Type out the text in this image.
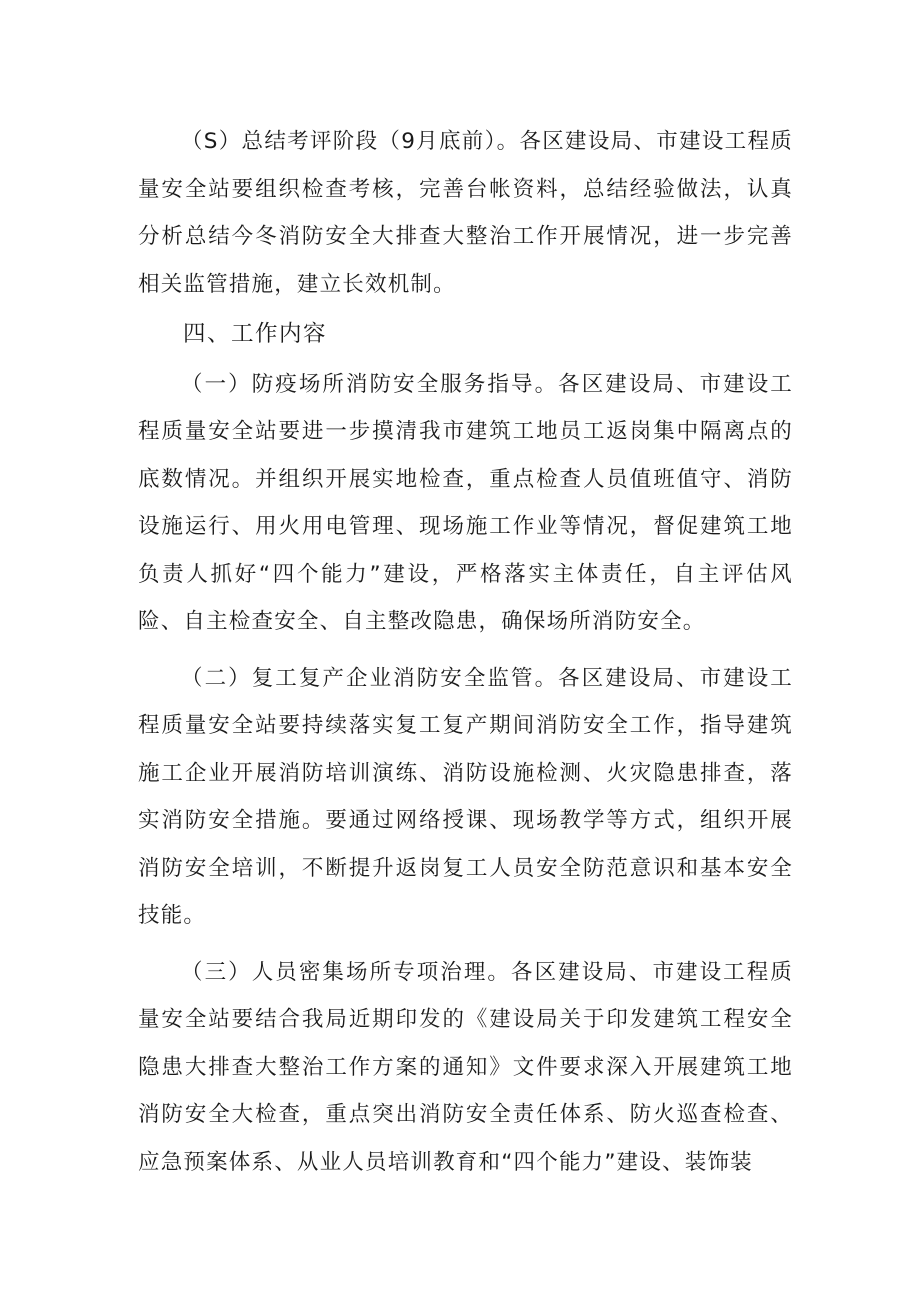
（S）总结考评阶段（9月底前）。各区建设局、市建设工程质量安全站要组织检查考核，完善台帐资料，总结经验做法，认真分析总结今冬消防安全大排查大整治工作开展情况，进一步完善相关监管措施，建立长效机制。

四、工作内容

（一）防疫场所消防安全服务指导。各区建设局、市建设工程质量安全站要进一步摸清我市建筑工地员工返岗集中隔离点的底数情况。并组织开展实地检查，重点检查人员值班值守、消防设施运行、用火用电管理、现场施工作业等情况，督促建筑工地负责人抓好“四个能力”建设，严格落实主体责任，自主评估风险、自主检查安全、自主整改隐患，确保场所消防安全。

（二）复工复产企业消防安全监管。各区建设局、市建设工程质量安全站要持续落实复工复产期间消防安全工作，指导建筑施工企业开展消防培训演练、消防设施检测、火灾隐患排查，落实消防安全措施。要通过网络授课、现场教学等方式，组织开展消防安全培训，不断提升返岗复工人员安全防范意识和基本安全技能。

（三）人员密集场所专项治理。各区建设局、市建设工程质量安全站要结合我局近期印发的《建设局关于印发建筑工程安全隐患大排查大整治工作方案的通知》文件要求深入开展建筑工地消防安全大检查，重点突出消防安全责任体系、防火巡查检查、应急预案体系、从业人员培训教育和“四个能力”建设、装饰装
